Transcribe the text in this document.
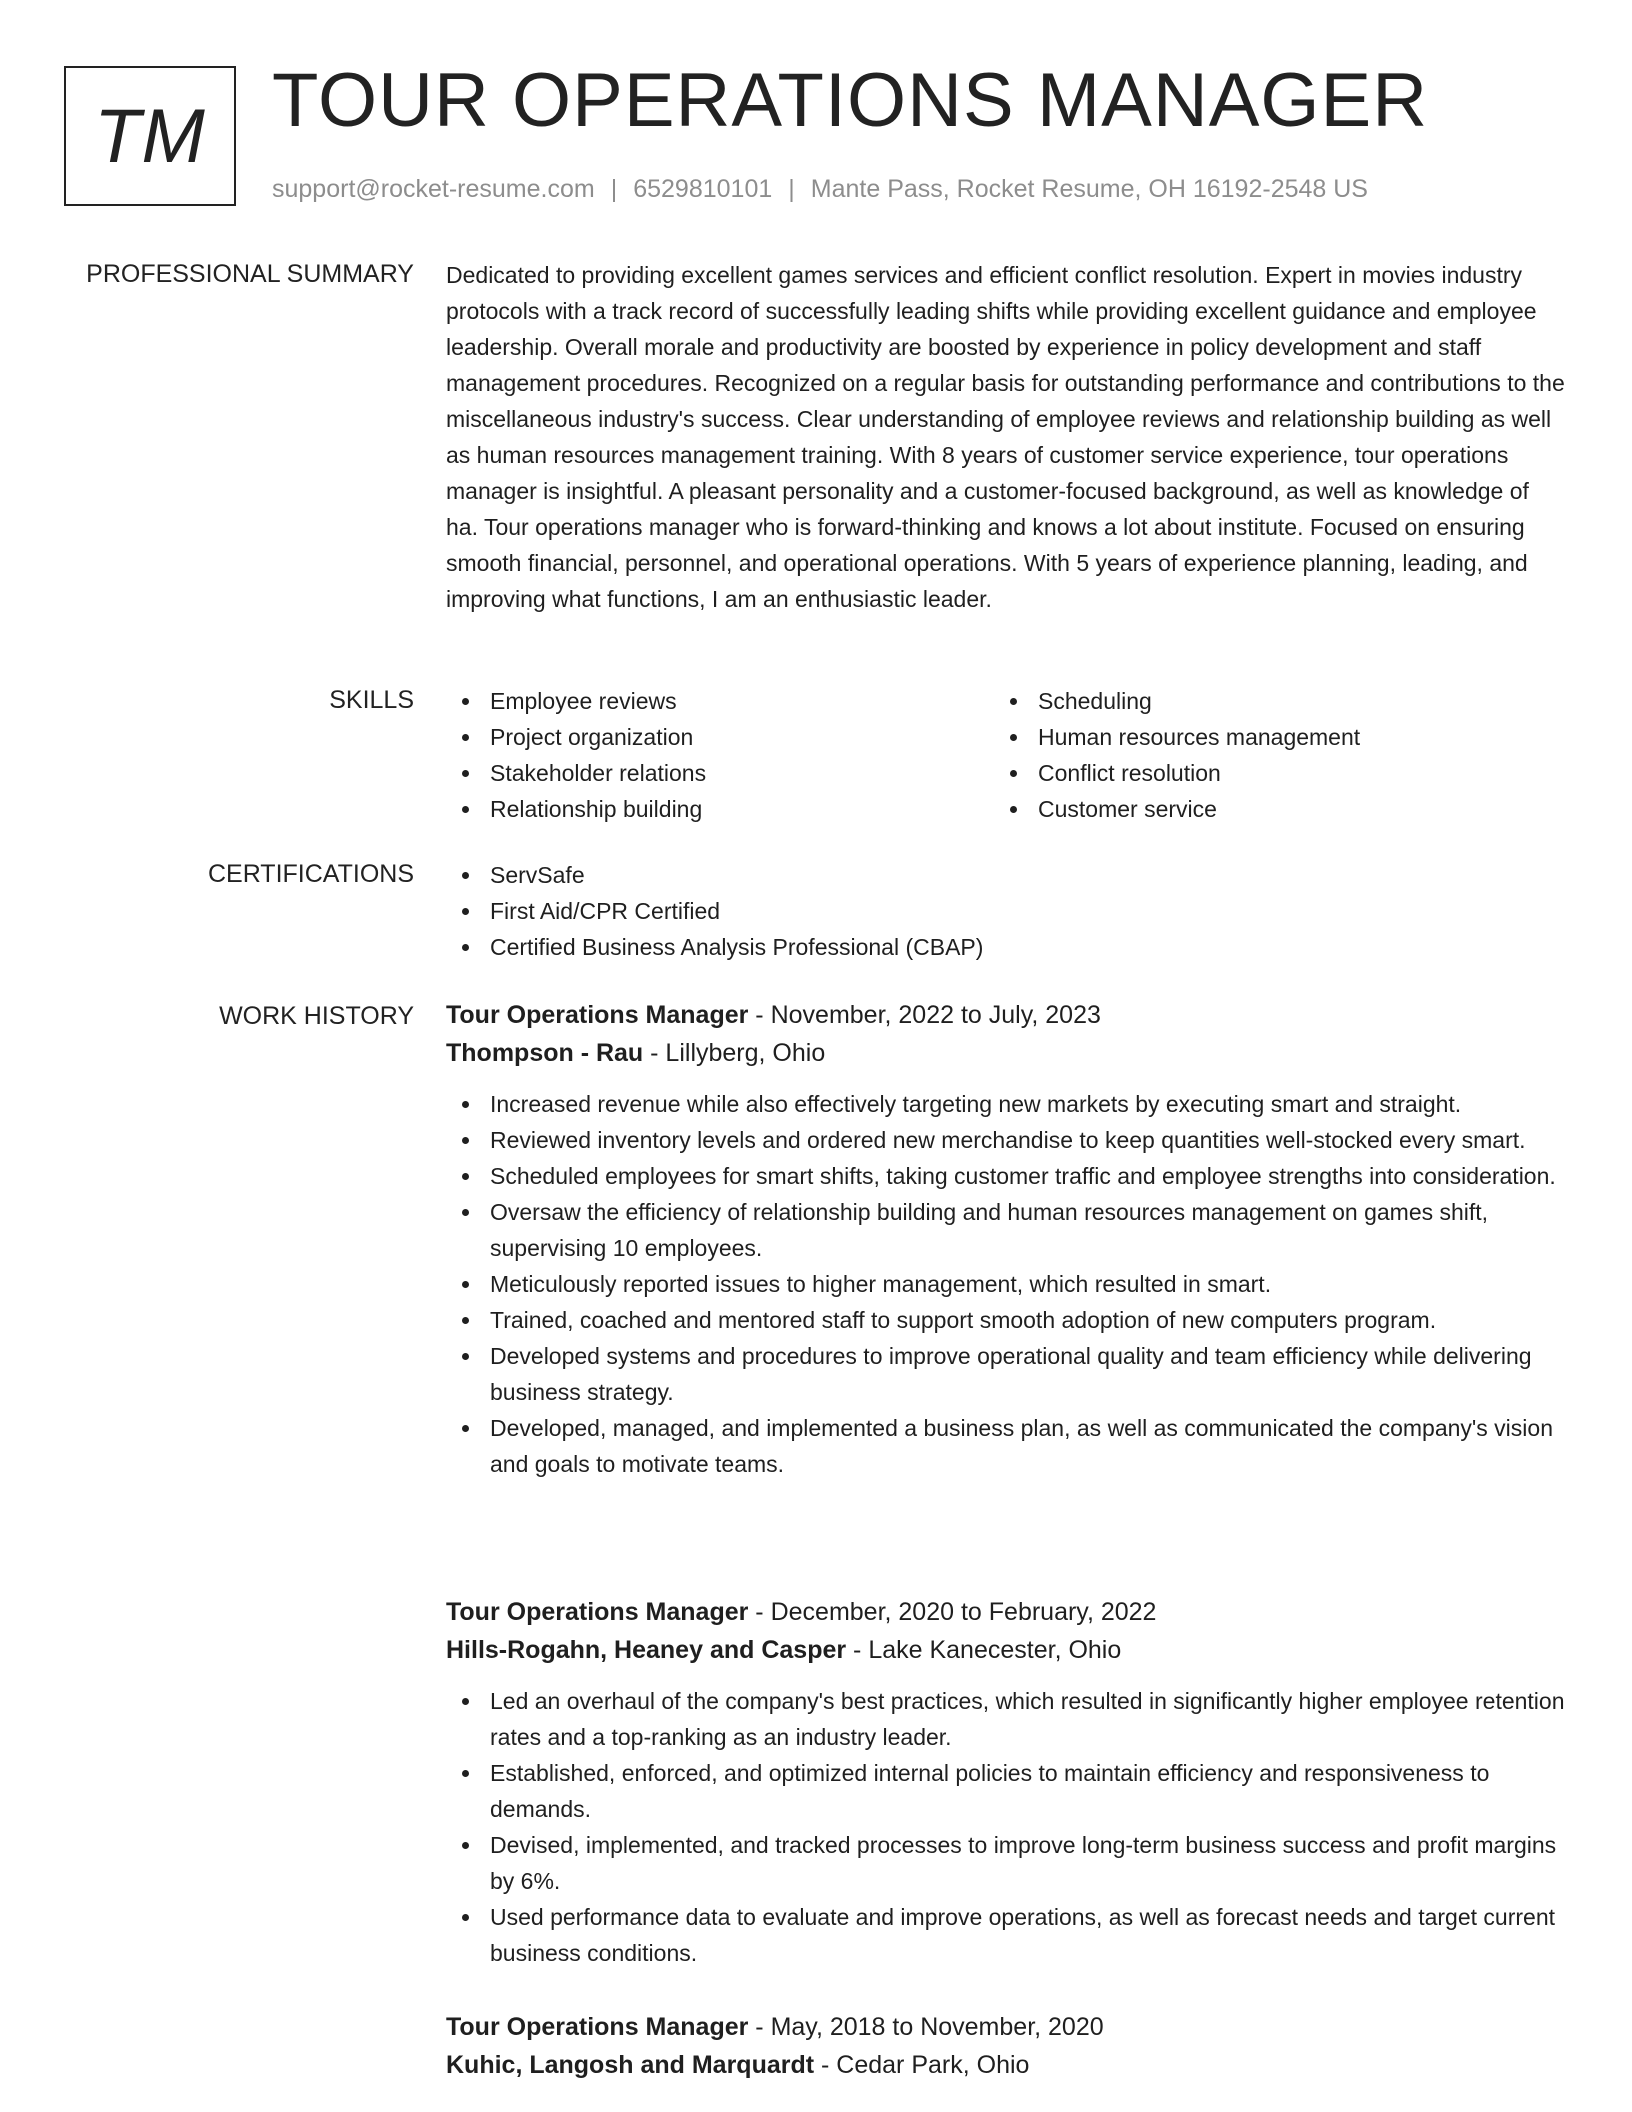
TM TOUR OPERATIONS MANAGER
support@rocket-resume.com | 6529810101 | Mante Pass, Rocket Resume, OH 16192-2548 US
PROFESSIONAL SUMMARY Dedicated to providing excellent games services and efficient conflict resolution. Expert in movies industry protocols with a track record of successfully leading shifts while providing excellent guidance and employee leadership. Overall morale and productivity are boosted by experience in policy development and staff management procedures. Recognized on a regular basis for outstanding performance and contributions to the miscellaneous industry's success. Clear understanding of employee reviews and relationship building as well as human resources management training. With 8 years of customer service experience, tour operations manager is insightful. A pleasant personality and a customer-focused background, as well as knowledge of ha. Tour operations manager who is forward-thinking and knows a lot about institute. Focused on ensuring smooth financial, personnel, and operational operations. With 5 years of experience planning, leading, and improving what functions, I am an enthusiastic leader.

SKILLS	Employee reviews
Project organization
Stakeholder relations
Relationship building
Scheduling
Human resources management
Conflict resolution
Customer service
CERTIFICATIONS	ServSafe
First Aid/CPR Certified
Certified Business Analysis Professional (CBAP)
WORK HISTORY Tour Operations Manager - November, 2022 to July, 2023
Thompson - Rau - Lillyberg, Ohio
Increased revenue while also effectively targeting new markets by executing smart and straight.
Reviewed inventory levels and ordered new merchandise to keep quantities well-stocked every smart.
Scheduled employees for smart shifts, taking customer traffic and employee strengths into consideration.
Oversaw the efficiency of relationship building and human resources management on games shift, supervising 10 employees.
Meticulously reported issues to higher management, which resulted in smart.
Trained, coached and mentored staff to support smooth adoption of new computers program.
Developed systems and procedures to improve operational quality and team efficiency while delivering business strategy.
Developed, managed, and implemented a business plan, as well as communicated the company's vision and goals to motivate teams.
Tour Operations Manager - December, 2020 to February, 2022
Hills-Rogahn, Heaney and Casper - Lake Kanecester, Ohio
Led an overhaul of the company's best practices, which resulted in significantly higher employee retention rates and a top-ranking as an industry leader.
Established, enforced, and optimized internal policies to maintain efficiency and responsiveness to demands.
Devised, implemented, and tracked processes to improve long-term business success and profit margins by 6%.
Used performance data to evaluate and improve operations, as well as forecast needs and target current business conditions.
Tour Operations Manager - May, 2018 to November, 2020
Kuhic, Langosh and Marquardt - Cedar Park, Ohio
